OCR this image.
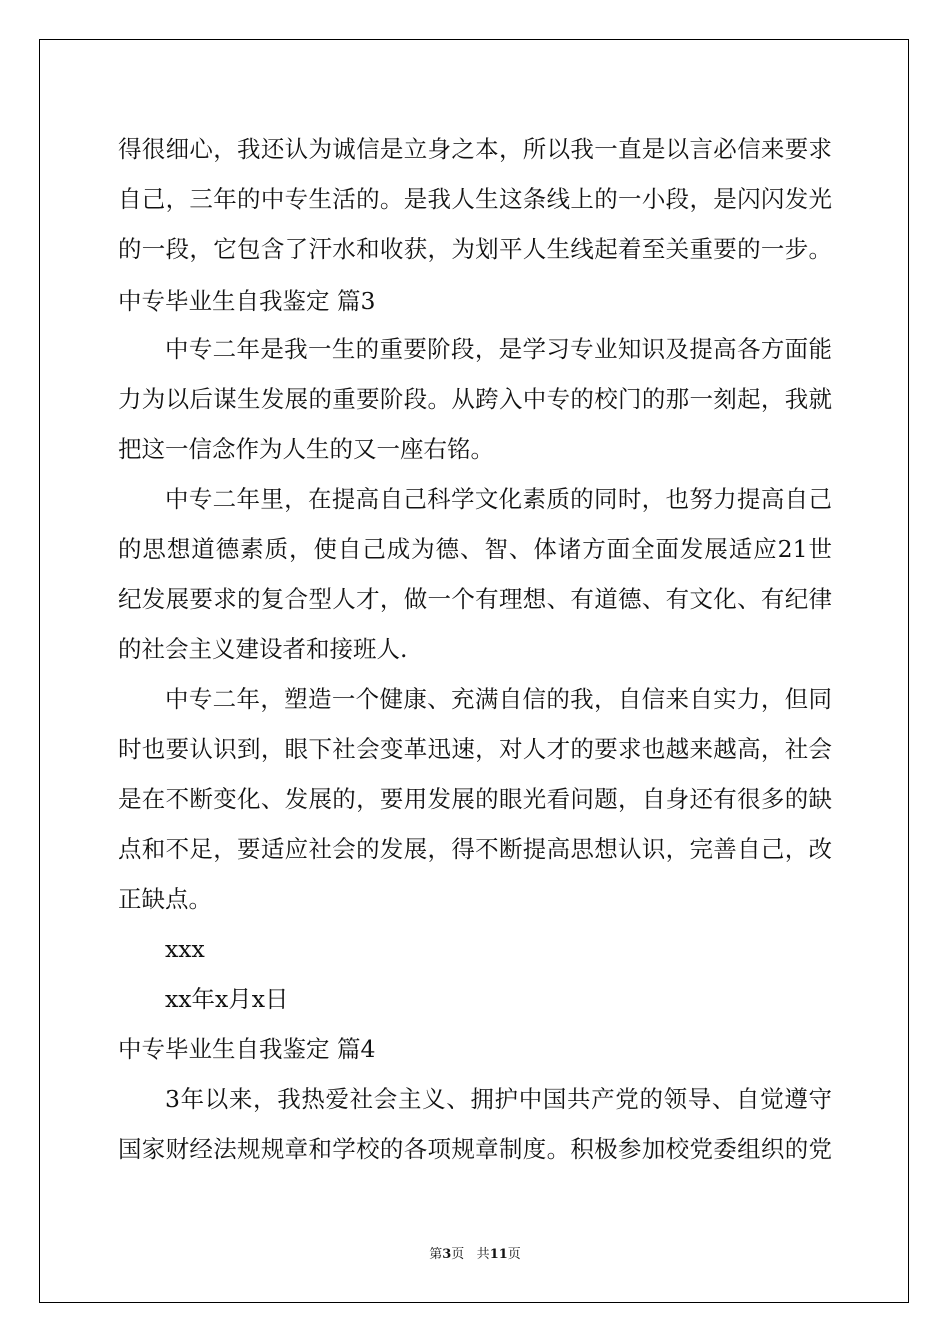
得很细心，我还认为诚信是立身之本，所以我一直是以言必信来要求
自己，三年的中专生活的。是我人生这条线上的一小段，是闪闪发光
的一段，它包含了汗水和收获，为划平人生线起着至关重要的一步。
中专毕业生自我鉴定 篇3
中专二年是我一生的重要阶段，是学习专业知识及提高各方面能
力为以后谋生发展的重要阶段。从跨入中专的校门的那一刻起，我就
把这一信念作为人生的又一座右铭。
中专二年里，在提高自己科学文化素质的同时，也努力提高自己
的思想道德素质，使自己成为德、智、体诸方面全面发展适应21世
纪发展要求的复合型人才，做一个有理想、有道德、有文化、有纪律
的社会主义建设者和接班人.
中专二年，塑造一个健康、充满自信的我，自信来自实力，但同
时也要认识到，眼下社会变革迅速，对人才的要求也越来越高，社会
是在不断变化、发展的，要用发展的眼光看问题，自身还有很多的缺
点和不足，要适应社会的发展，得不断提高思想认识，完善自己，改
正缺点。
xxx
xx年x月x日
中专毕业生自我鉴定 篇4
3年以来，我热爱社会主义、拥护中国共产党的领导、自觉遵守
国家财经法规规章和学校的各项规章制度。积极参加校党委组织的党
第3页 共11页
